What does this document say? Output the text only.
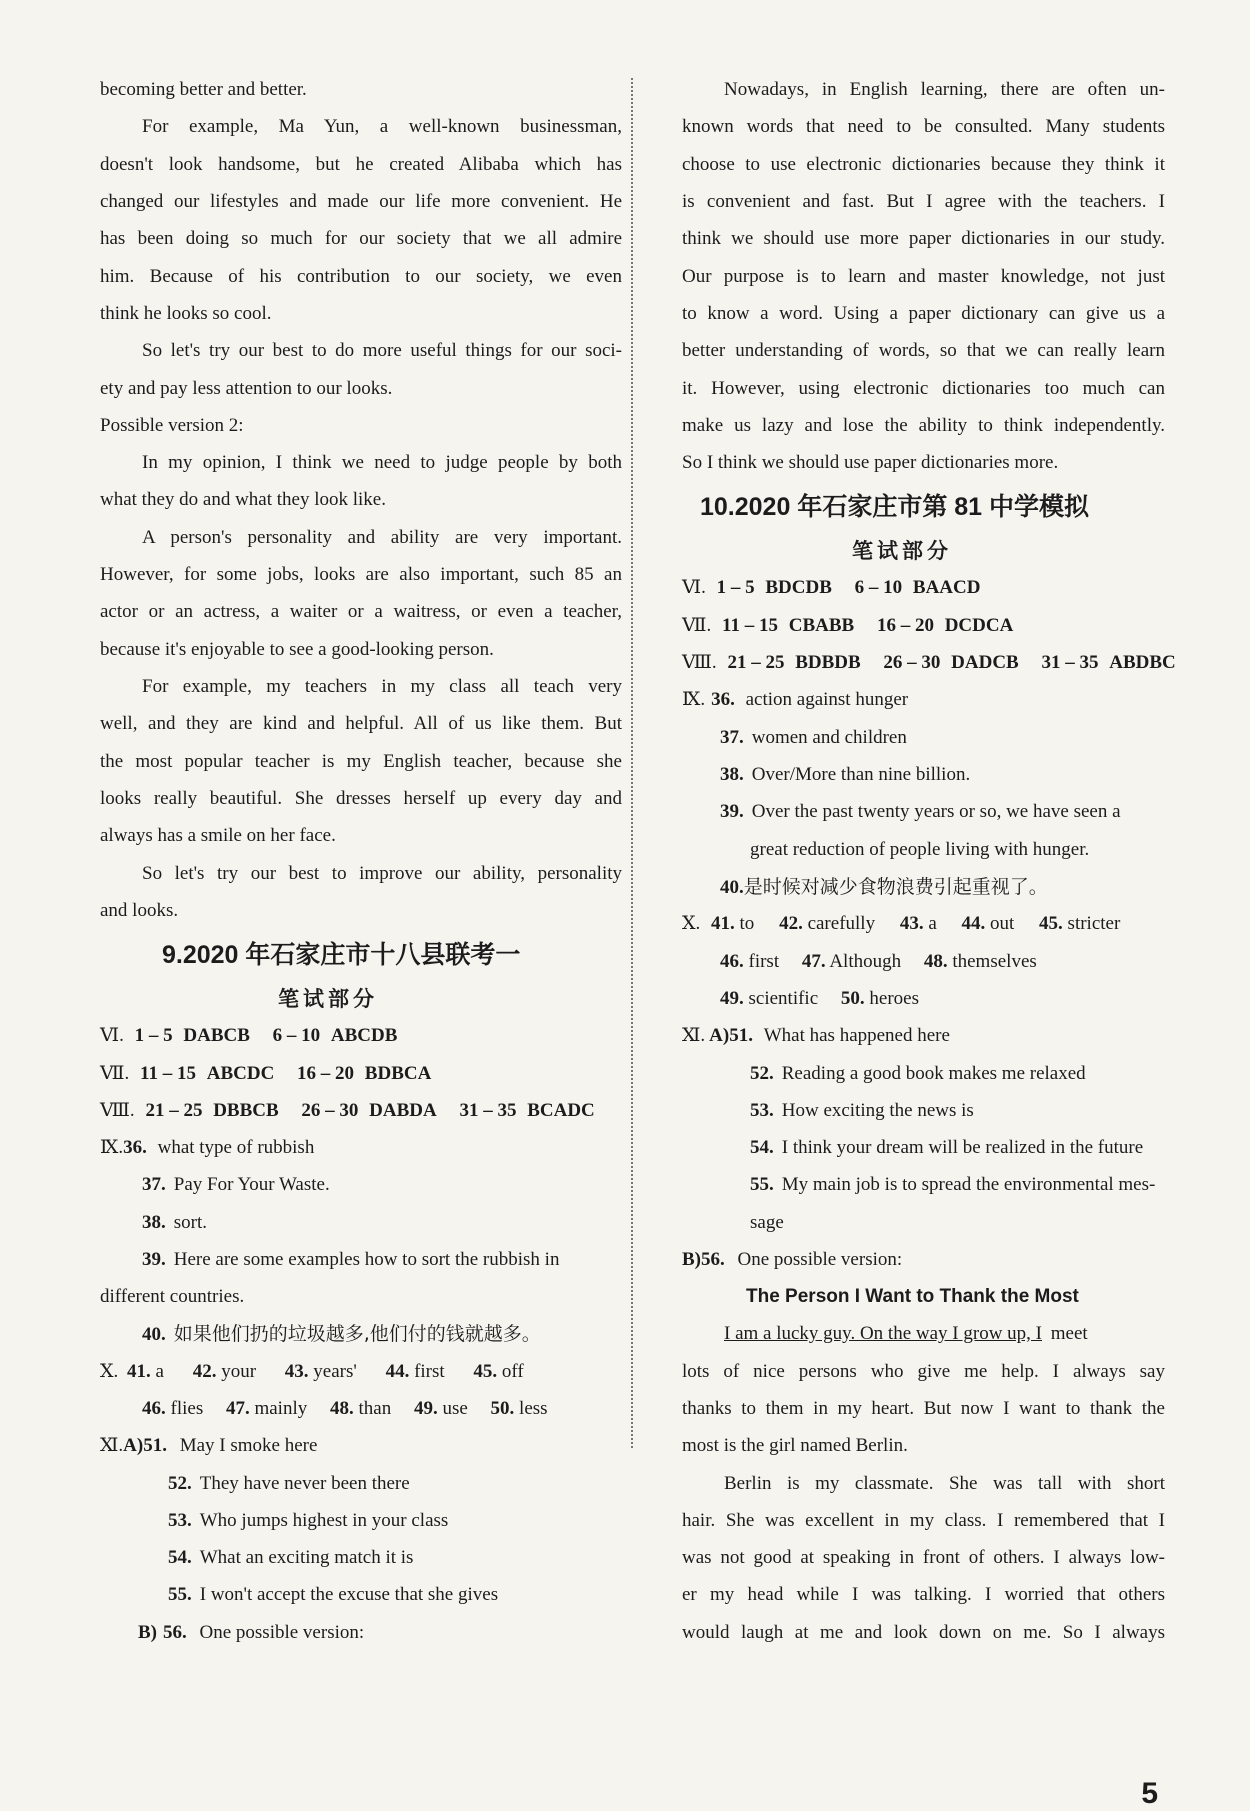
becoming better and better.
For example, Ma Yun, a well-known businessman,
doesn't look handsome, but he created Alibaba which has
changed our lifestyles and made our life more convenient. He
has been doing so much for our society that we all admire
him. Because of his contribution to our society, we even
think he looks so cool.
So let's try our best to do more useful things for our soci-
ety and pay less attention to our looks.
Possible version 2:
In my opinion, I think we need to judge people by both
what they do and what they look like.
A person's personality and ability are very important.
However, for some jobs, looks are also important, such 85 an
actor or an actress, a waiter or a waitress, or even a teacher,
because it's enjoyable to see a good-looking person.
For example, my teachers in my class all teach very
well, and they are kind and helpful. All of us like them. But
the most popular teacher is my English teacher, because she
looks really beautiful. She dresses herself up every day and
always has a smile on her face.
So let's try our best to improve our ability, personality
and looks.
9.2020 年石家庄市十八县联考一
笔试部分
Ⅵ. 1 – 5 DABCB 6 – 10 ABCDB
Ⅶ. 11 – 15 ABCDC 16 – 20 BDBCA
Ⅷ. 21 – 25 DBBCB 26 – 30 DABDA 31 – 35 BCADC
Ⅸ.36. what type of rubbish
37. Pay For Your Waste.
38. sort.
39. Here are some examples how to sort the rubbish in
different countries.
40. 如果他们扔的垃圾越多,他们付的钱就越多。
Ⅹ. 41. a 42. your 43. years' 44. first 45. off
46. flies 47. mainly 48. than 49. use 50. less
Ⅺ.A)51. May I smoke here
52. They have never been there
53. Who jumps highest in your class
54. What an exciting match it is
55. I won't accept the excuse that she gives
B) 56. One possible version:
Nowadays, in English learning, there are often un-
known words that need to be consulted. Many students
choose to use electronic dictionaries because they think it
is convenient and fast. But I agree with the teachers. I
think we should use more paper dictionaries in our study.
Our purpose is to learn and master knowledge, not just
to know a word. Using a paper dictionary can give us a
better understanding of words, so that we can really learn
it. However, using electronic dictionaries too much can
make us lazy and lose the ability to think independently.
So I think we should use paper dictionaries more.
10.2020 年石家庄市第 81 中学模拟
笔试部分
Ⅵ. 1 – 5 BDCDB 6 – 10 BAACD
Ⅶ. 11 – 15 CBABB 16 – 20 DCDCA
Ⅷ. 21 – 25 BDBDB 26 – 30 DADCB 31 – 35 ABDBC
Ⅸ. 36. action against hunger
37. women and children
38. Over/More than nine billion.
39. Over the past twenty years or so, we have seen a
great reduction of people living with hunger.
40.是时候对减少食物浪费引起重视了。
Ⅹ. 41. to 42. carefully 43. a 44. out 45. stricter
46. first 47. Although 48. themselves
49. scientific 50. heroes
Ⅺ. A)51. What has happened here
52. Reading a good book makes me relaxed
53. How exciting the news is
54. I think your dream will be realized in the future
55. My main job is to spread the environmental mes-
sage
B)56. One possible version:
The Person I Want to Thank the Most
I am a lucky guy. On the way I grow up, I meet
lots of nice persons who give me help. I always say
thanks to them in my heart. But now I want to thank the
most is the girl named Berlin.
Berlin is my classmate. She was tall with short
hair. She was excellent in my class. I remembered that I
was not good at speaking in front of others. I always low-
er my head while I was talking. I worried that others
would laugh at me and look down on me. So I always
5
